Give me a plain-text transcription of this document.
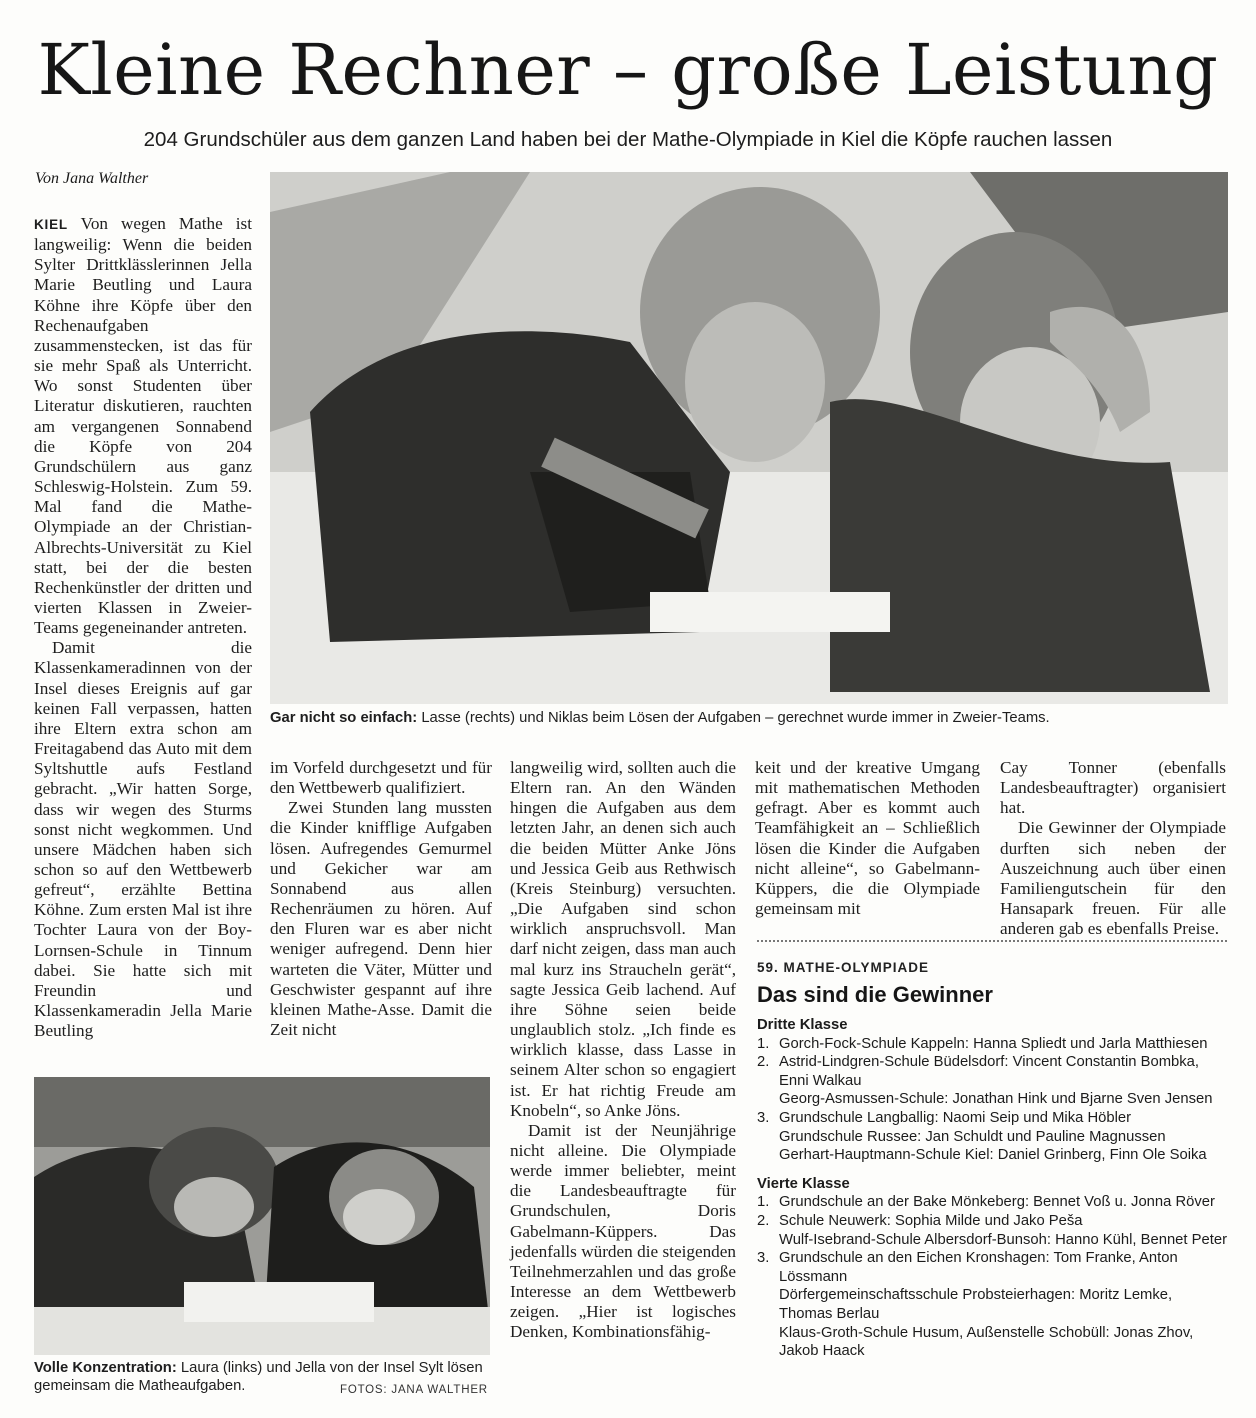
Kleine Rechner – große Leistung
204 Grundschüler aus dem ganzen Land haben bei der Mathe-Olympiade in Kiel die Köpfe rauchen lassen
Von Jana Walther

KIEL Von wegen Mathe ist langweilig: Wenn die beiden Sylter Drittklässlerinnen Jella Marie Beutling und Laura Köhne ihre Köpfe über den Rechenaufgaben zusammenstecken, ist das für sie mehr Spaß als Unterricht. Wo sonst Studenten über Literatur diskutieren, rauchten am vergangenen Sonnabend die Köpfe von 204 Grundschülern aus ganz Schleswig-Holstein. Zum 59. Mal fand die Mathe-Olympiade an der Christian-Albrechts-Universität zu Kiel statt, bei der die besten Rechenkünstler der dritten und vierten Klassen in Zweier-Teams gegeneinander antreten.

Damit die Klassenkameradinnen von der Insel dieses Ereignis auf gar keinen Fall verpassen, hatten ihre Eltern extra schon am Freitagabend das Auto mit dem Syltshuttle aufs Festland gebracht. „Wir hatten Sorge, dass wir wegen des Sturms sonst nicht wegkommen. Und unsere Mädchen haben sich schon so auf den Wettbewerb gefreut“, erzählte Bettina Köhne. Zum ersten Mal ist ihre Tochter Laura von der Boy-Lornsen-Schule in Tinnum dabei. Sie hatte sich mit Freundin und Klassenkameradin Jella Marie Beutling

Gar nicht so einfach: Lasse (rechts) und Niklas beim Lösen der Aufgaben – gerechnet wurde immer in Zweier-Teams.

im Vorfeld durchgesetzt und für den Wettbewerb qualifiziert.

Zwei Stunden lang mussten die Kinder knifflige Aufgaben lösen. Aufregendes Gemurmel und Gekicher war am Sonnabend aus allen Rechenräumen zu hören. Auf den Fluren war es aber nicht weniger aufregend. Denn hier warteten die Väter, Mütter und Geschwister gespannt auf ihre kleinen Mathe-Asse. Damit die Zeit nicht

langweilig wird, sollten auch die Eltern ran. An den Wänden hingen die Aufgaben aus dem letzten Jahr, an denen sich auch die beiden Mütter Anke Jöns und Jessica Geib aus Rethwisch (Kreis Steinburg) versuchten. „Die Aufgaben sind schon wirklich anspruchsvoll. Man darf nicht zeigen, dass man auch mal kurz ins Straucheln gerät“, sagte Jessica Geib lachend. Auf ihre Söhne seien beide unglaublich stolz. „Ich finde es wirklich klasse, dass Lasse in seinem Alter schon so engagiert ist. Er hat richtig Freude am Knobeln“, so Anke Jöns.

Damit ist der Neunjährige nicht alleine. Die Olympiade werde immer beliebter, meint die Landesbeauftragte für Grundschulen, Doris Gabelmann-Küppers. Das jedenfalls würden die steigenden Teilnehmerzahlen und das große Interesse an dem Wettbewerb zeigen. „Hier ist logisches Denken, Kombinationsfähig-

keit und der kreative Umgang mit mathematischen Methoden gefragt. Aber es kommt auch Teamfähigkeit an – Schließlich lösen die Kinder die Aufgaben nicht alleine“, so Gabelmann-Küppers, die die Olympiade gemeinsam mit

Cay Tonner (ebenfalls Landesbeauftragter) organisiert hat.

Die Gewinner der Olympiade durften sich neben der Auszeichnung auch über einen Familiengutschein für den Hansapark freuen. Für alle anderen gab es ebenfalls Preise.

59. MATHE-OLYMPIADE
Das sind die Gewinner
Dritte Klasse
1. Gorch-Fock-Schule Kappeln: Hanna Spliedt und Jarla Matthiesen
2. Astrid-Lindgren-Schule Büdelsdorf: Vincent Constantin Bombka, Enni Walkau
Georg-Asmussen-Schule: Jonathan Hink und Bjarne Sven Jensen
3. Grundschule Langballig: Naomi Seip und Mika Höbler
Grundschule Russee: Jan Schuldt und Pauline Magnussen
Gerhart-Hauptmann-Schule Kiel: Daniel Grinberg, Finn Ole Soika
Vierte Klasse
1. Grundschule an der Bake Mönkeberg: Bennet Voß u. Jonna Röver
2. Schule Neuwerk: Sophia Milde und Jako Peša
Wulf-Isebrand-Schule Albersdorf-Bunsoh: Hanno Kühl, Bennet Peter
3. Grundschule an den Eichen Kronshagen: Tom Franke, Anton Lössmann
Dörfergemeinschaftsschule Probsteierhagen: Moritz Lemke, Thomas Berlau
Klaus-Groth-Schule Husum, Außenstelle Schobüll: Jonas Zhov, Jakob Haack
Volle Konzentration: Laura (links) und Jella von der Insel Sylt lösen gemeinsam die Matheaufgaben.	FOTOS: JANA WALTHER
